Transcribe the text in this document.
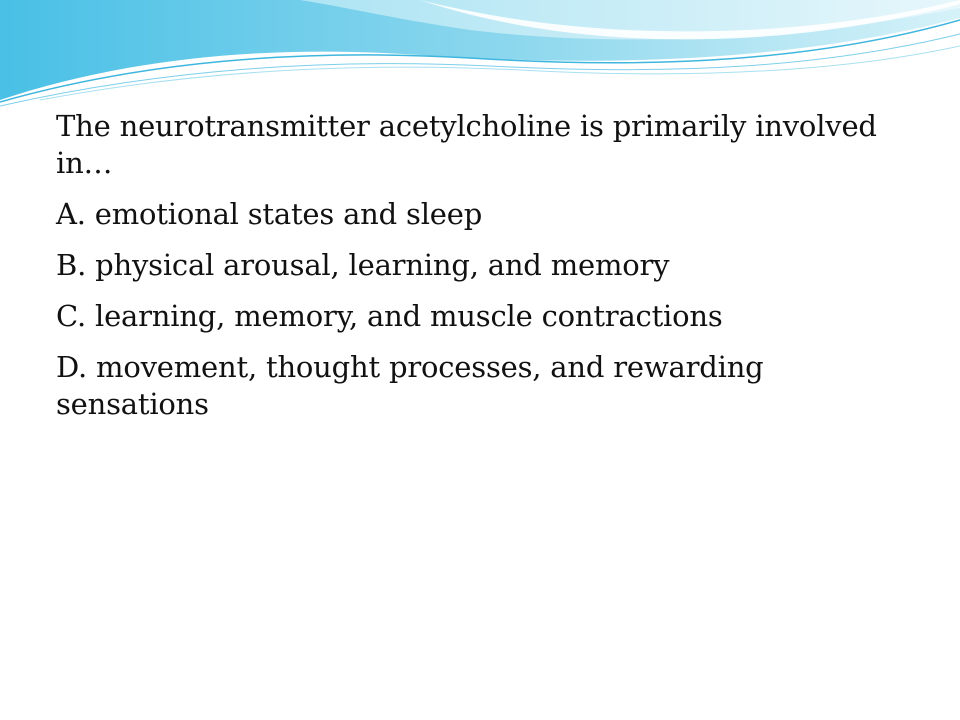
The neurotransmitter acetylcholine is primarily involved in…
A. emotional states and sleep
B. physical arousal, learning, and memory
C. learning, memory, and muscle contractions
D. movement, thought processes, and rewarding sensations
